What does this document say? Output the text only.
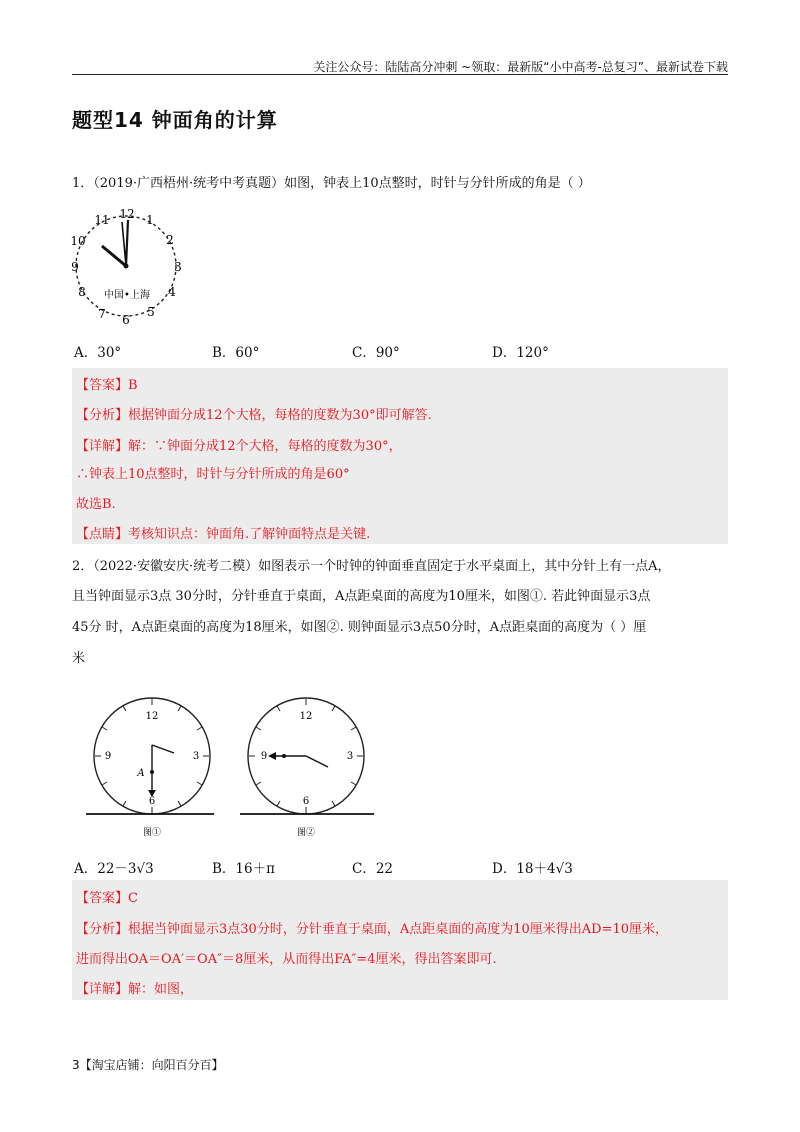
关注公众号：陆陆高分冲刺 ~领取：最新版“小中高考-总复习”、最新试卷下载
题型14 钟面角的计算
1．（2019·广西梧州·统考中考真题）如图，钟表上10点整时，时针与分针所成的角是（ ）
12 1
2
3
4
5
6
7
8
9
10
11
中国•上海
A．30°	B．60°	C．90°	D．120°
【答案】B
【分析】根据钟面分成12个大格，每格的度数为30°即可解答.
【详解】解：∵钟面分成12个大格，每格的度数为30°，
∴钟表上10点整时，时针与分针所成的角是60°
故选B.
【点睛】考核知识点：钟面角.了解钟面特点是关键.
2．（2022·安徽安庆·统考二模）如图表示一个时钟的钟面垂直固定于水平桌面上，其中分针上有一点A，
且当钟面显示3点 30分时，分针垂直于桌面，A点距桌面的高度为10厘米，如图①. 若此钟面显示3点
45分 时，A点距桌面的高度为18厘米，如图②. 则钟面显示3点50分时，A点距桌面的高度为（ ）厘
米
12
3
6
9
A
图①
12
3
6
9
图②
A．22－3√3	B．16＋π	C．22	D．18＋4√3
【答案】C
【分析】根据当钟面显示3点30分时，分针垂直于桌面，A点距桌面的高度为10厘米得出AD=10厘米，
进而得出OA＝OA′＝OA″＝8厘米，从而得出FA″=4厘米，得出答案即可.
【详解】解：如图，
3【淘宝店铺：向阳百分百】
